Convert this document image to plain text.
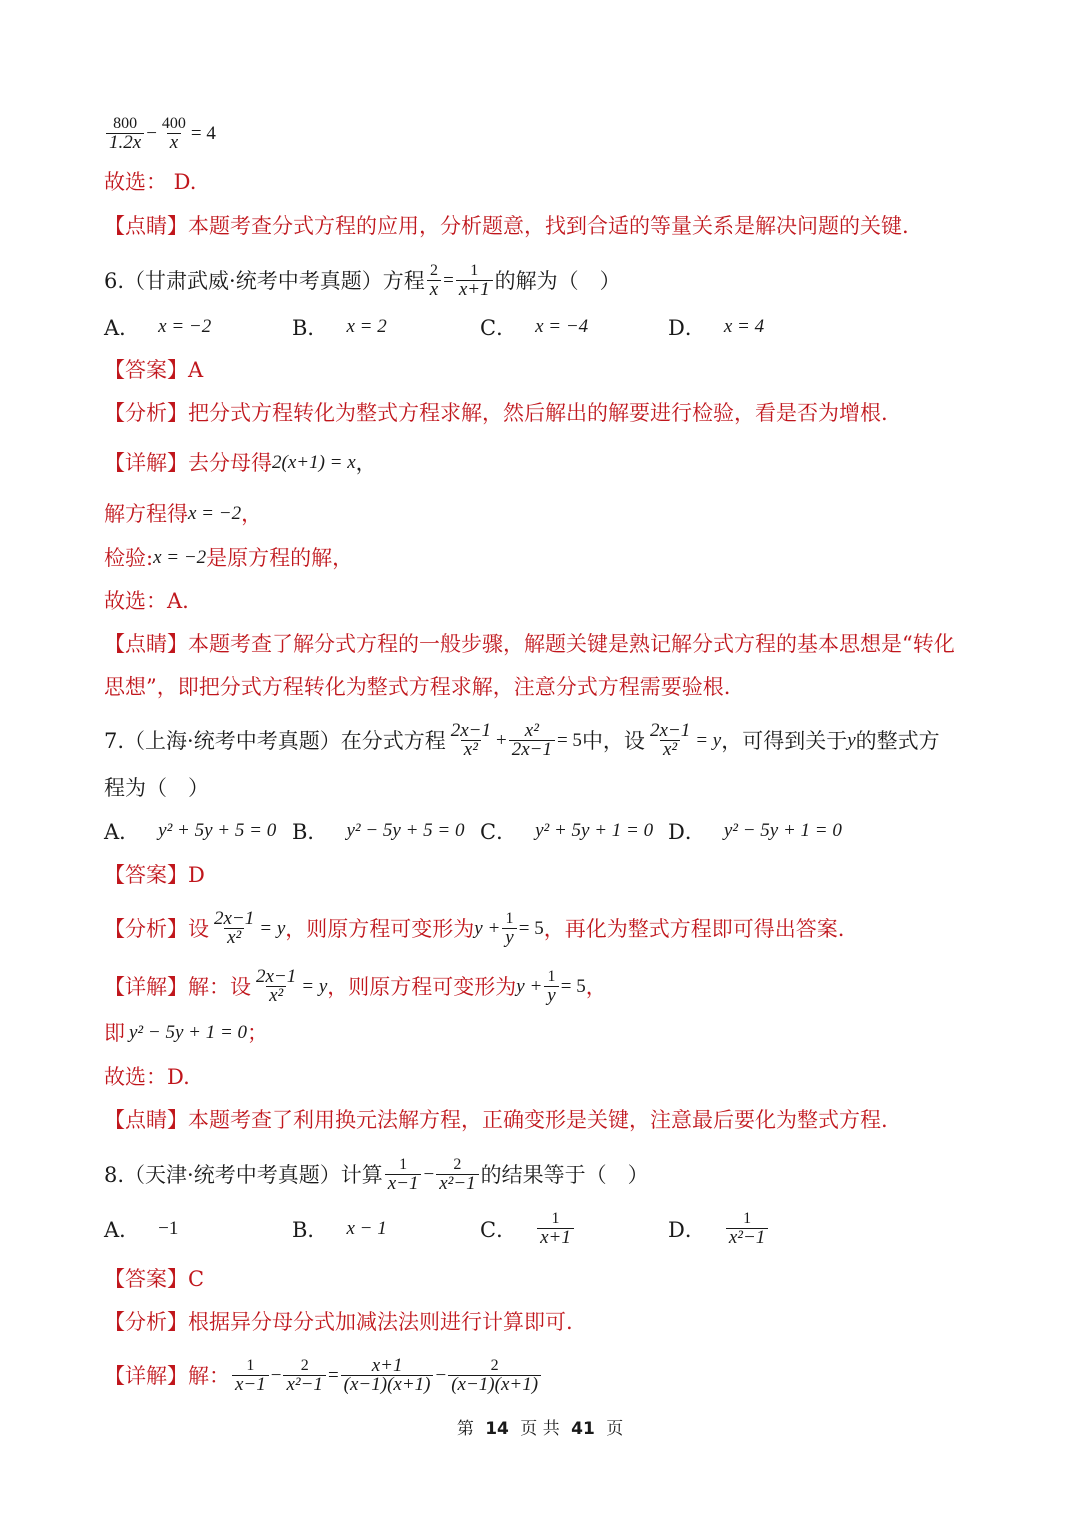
$\frac{800}{1.2x} - \frac{400}{x} = 4$
故选： D.
【点睛】本题考查分式方程的应用，分析题意，找到合适的等量关系是解决问题的关键.
6.（甘肃武威·统考中考真题）方程 $\frac{2}{x} = \frac{1}{x+1}$ 的解为（　）
A． x = −2	B． x = 2	C． x = −4	D． x = 4
【答案】A
【分析】把分式方程转化为整式方程求解，然后解出的解要进行检验，看是否为增根.
【详解】去分母得 2(x+1) = x ，
解方程得 x = −2 ，
检验: x = −2 是原方程的解，
故选：A.
【点睛】本题考查了解分式方程的一般步骤，解题关键是熟记解分式方程的基本思想是“转化
思想”，即把分式方程转化为整式方程求解，注意分式方程需要验根.
7.（上海·统考中考真题）在分式方程 $\frac{2x-1}{\text{x²}} + \frac{\text{x²}}{2x-1} = 5$ 中，设 $\frac{2x-1}{\text{x²}} = y$ ，可得到关于 y 的整式方
程为（　）
A． y² + 5y + 5 = 0 B． y² − 5y + 5 = 0 C． y² + 5y + 1 = 0 D． y² − 5y + 1 = 0
【答案】D
【分析】设 $\frac{2x-1}{\text{x²}} = y$ ，则原方程可变形为 $y + \frac{1}{y} = 5$ ，再化为整式方程即可得出答案.
【详解】解：设 $\frac{2x-1}{\text{x²}} = y$ ，则原方程可变形为 $y + \frac{1}{y} = 5$ ，
即 y² − 5y + 1 = 0 ；
故选：D.
【点睛】本题考查了利用换元法解方程，正确变形是关键，注意最后要化为整式方程.
8.（天津·统考中考真题）计算 $\frac{1}{x-1} - \frac{2}{\text{x²−1}}$ 的结果等于（　）
A． −1	B． x − 1	C． $\frac{1}{x+1}$	D． $\frac{1}{\text{x²−1}}$
【答案】C
【分析】根据异分母分式加减法法则进行计算即可.
【详解】解： $\frac{1}{x-1} - \frac{2}{\text{x²−1}} = \frac{x+1}{(x-1)(x+1)} - \frac{2}{(x-1)(x+1)}$
第 14 页 共 41 页
